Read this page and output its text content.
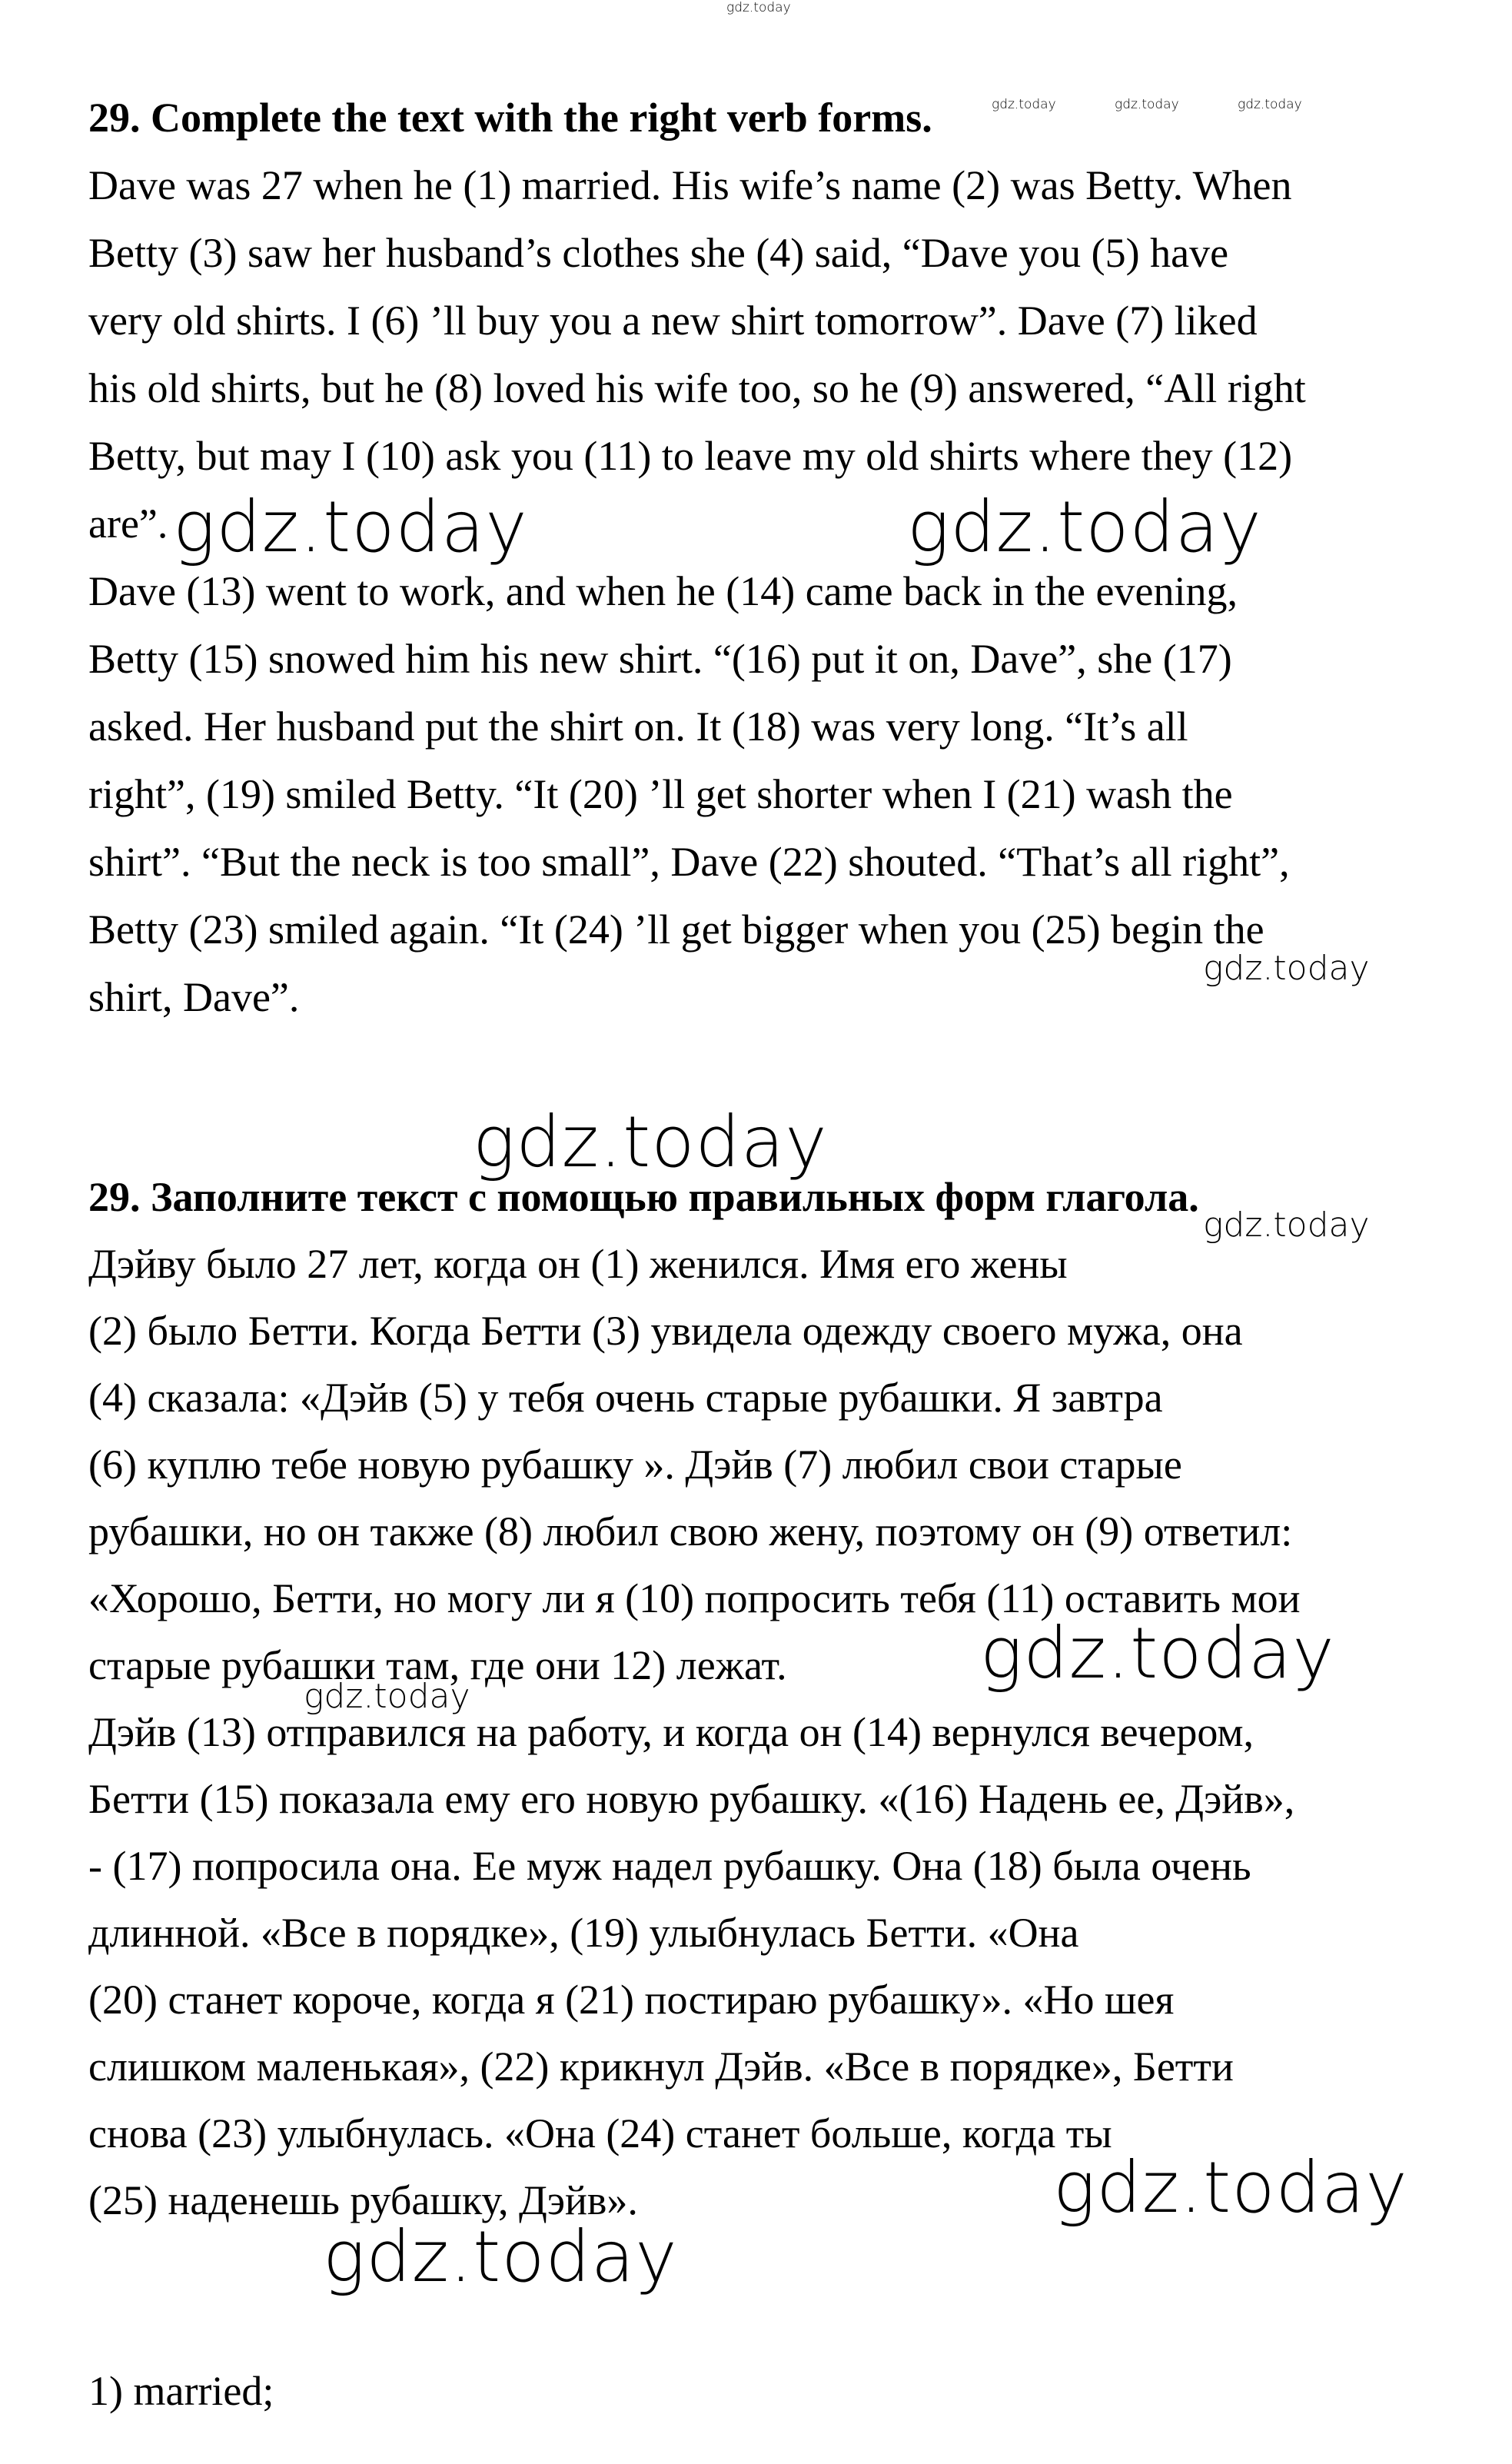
gdz.today
29. Complete the text with the right verb forms.	gdz.today	gdz.today	gdz.today
Dave was 27 when he (1) married. His wife’s name (2) was Betty. When
Betty (3) saw her husband’s clothes she (4) said, “Dave you (5) have
very old shirts. I (6) ’ll buy you a new shirt tomorrow”. Dave (7) liked
his old shirts, but he (8) loved his wife too, so he (9) answered, “All right
Betty, but may I (10) ask you (11) to leave my old shirts where they (12)
are”. gdz.today	gdz.today
Dave (13) went to work, and when he (14) came back in the evening,
Betty (15) snowed him his new shirt. “(16) put it on, Dave”, she (17)
asked. Her husband put the shirt on. It (18) was very long. “It’s all
right”, (19) smiled Betty. “It (20) ’ll get shorter when I (21) wash the
shirt”. “But the neck is too small”, Dave (22) shouted. “That’s all right”,
Betty (23) smiled again. “It (24) ’ll get bigger when you (25) begin the
shirt, Dave”.
gdz.today
gdz.today
29. Заполните текст с помощью правильных форм глагола.
gdz.today
Дэйву было 27 лет, когда он (1) женился. Имя его жены
(2) было Бетти. Когда Бетти (3) увидела одежду своего мужа, она
(4) сказала: «Дэйв (5) у тебя очень старые рубашки. Я завтра
(6) куплю тебе новую рубашку ». Дэйв (7) любил свои старые
рубашки, но он также (8) любил свою жену, поэтому он (9) ответил:
«Хорошо, Бетти, но могу ли я (10) попросить тебя (11) оставить мои
старые рубашки там, где они 12) лежат.	gdz.today
gdz.today
Дэйв (13) отправился на работу, и когда он (14) вернулся вечером,
Бетти (15) показала ему его новую рубашку. «(16) Надень ее, Дэйв»,
- (17) попросила она. Ее муж надел рубашку. Она (18) была очень
длинной. «Все в порядке», (19) улыбнулась Бетти. «Она
(20) станет короче, когда я (21) постираю рубашку». «Но шея
слишком маленькая», (22) крикнул Дэйв. «Все в порядке», Бетти
снова (23) улыбнулась. «Она (24) станет больше, когда ты
(25) наденешь рубашку, Дэйв».	gdz.today
gdz.today
1) married;
